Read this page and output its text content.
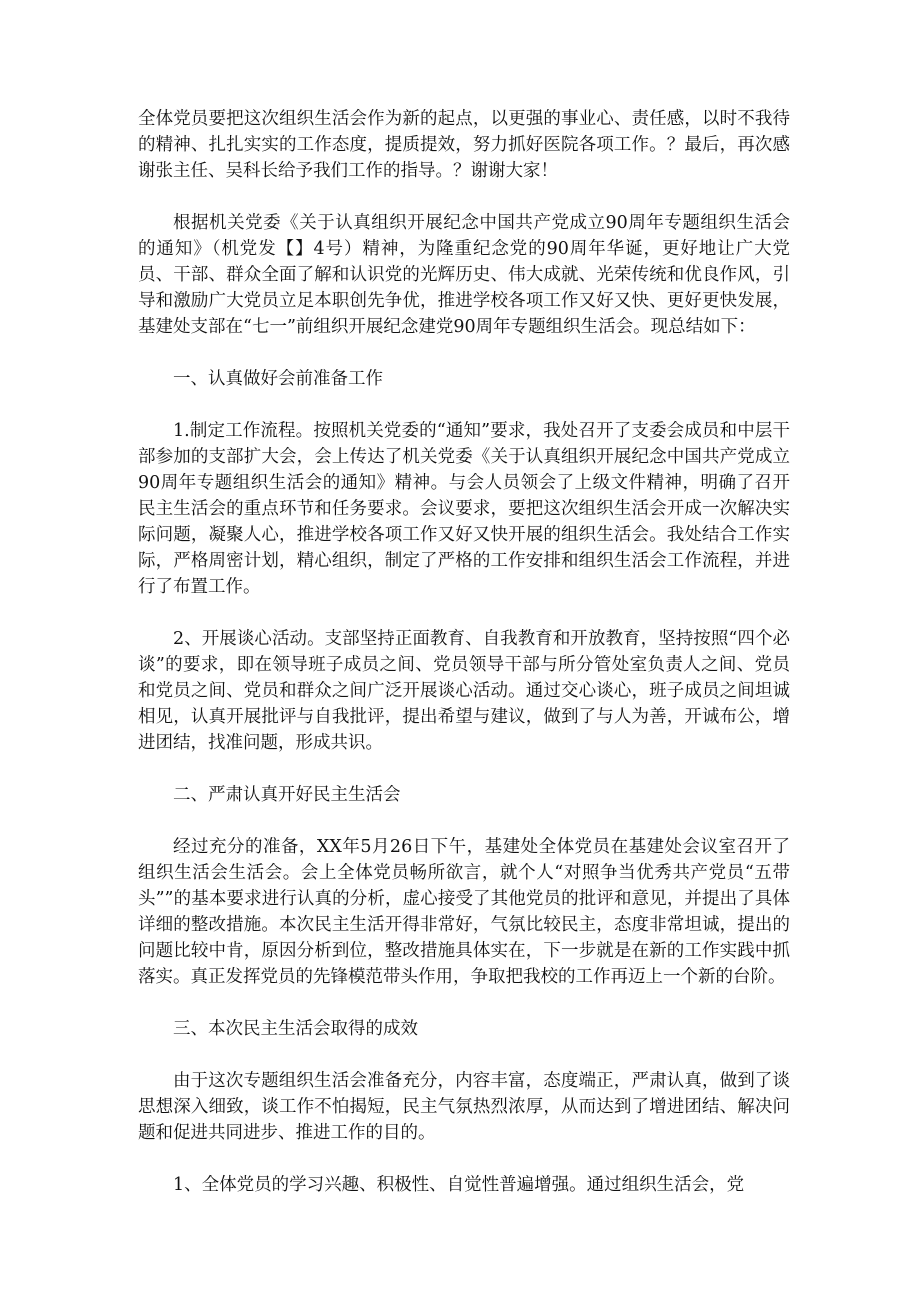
全体党员要把这次组织生活会作为新的起点，以更强的事业心、责任感，以时不我待的精神、扎扎实实的工作态度，提质提效，努力抓好医院各项工作。？最后，再次感谢张主任、吴科长给予我们工作的指导。？谢谢大家！

根据机关党委《关于认真组织开展纪念中国共产党成立90周年专题组织生活会的通知》（机党发【】4号）精神，为隆重纪念党的90周年华诞，更好地让广大党员、干部、群众全面了解和认识党的光辉历史、伟大成就、光荣传统和优良作风，引导和激励广大党员立足本职创先争优，推进学校各项工作又好又快、更好更快发展，基建处支部在“七一”前组织开展纪念建党90周年专题组织生活会。现总结如下：

一、认真做好会前准备工作

1.制定工作流程。按照机关党委的“通知”要求，我处召开了支委会成员和中层干部参加的支部扩大会，会上传达了机关党委《关于认真组织开展纪念中国共产党成立90周年专题组织生活会的通知》精神。与会人员领会了上级文件精神，明确了召开民主生活会的重点环节和任务要求。会议要求，要把这次组织生活会开成一次解决实际问题，凝聚人心，推进学校各项工作又好又快开展的组织生活会。我处结合工作实际，严格周密计划，精心组织，制定了严格的工作安排和组织生活会工作流程，并进行了布置工作。

2、开展谈心活动。支部坚持正面教育、自我教育和开放教育，坚持按照“四个必谈”的要求，即在领导班子成员之间、党员领导干部与所分管处室负责人之间、党员和党员之间、党员和群众之间广泛开展谈心活动。通过交心谈心，班子成员之间坦诚相见，认真开展批评与自我批评，提出希望与建议，做到了与人为善，开诚布公，增进团结，找准问题，形成共识。

二、严肃认真开好民主生活会

经过充分的准备，XX年5月26日下午，基建处全体党员在基建处会议室召开了组织生活会生活会。会上全体党员畅所欲言，就个人“对照争当优秀共产党员“五带头””的基本要求进行认真的分析，虚心接受了其他党员的批评和意见，并提出了具体详细的整改措施。本次民主生活开得非常好，气氛比较民主，态度非常坦诚，提出的问题比较中肯，原因分析到位，整改措施具体实在，下一步就是在新的工作实践中抓落实。真正发挥党员的先锋模范带头作用，争取把我校的工作再迈上一个新的台阶。

三、本次民主生活会取得的成效

由于这次专题组织生活会准备充分，内容丰富，态度端正，严肃认真，做到了谈思想深入细致，谈工作不怕揭短，民主气氛热烈浓厚，从而达到了增进团结、解决问题和促进共同进步、推进工作的目的。

1、全体党员的学习兴趣、积极性、自觉性普遍增强。通过组织生活会，党
